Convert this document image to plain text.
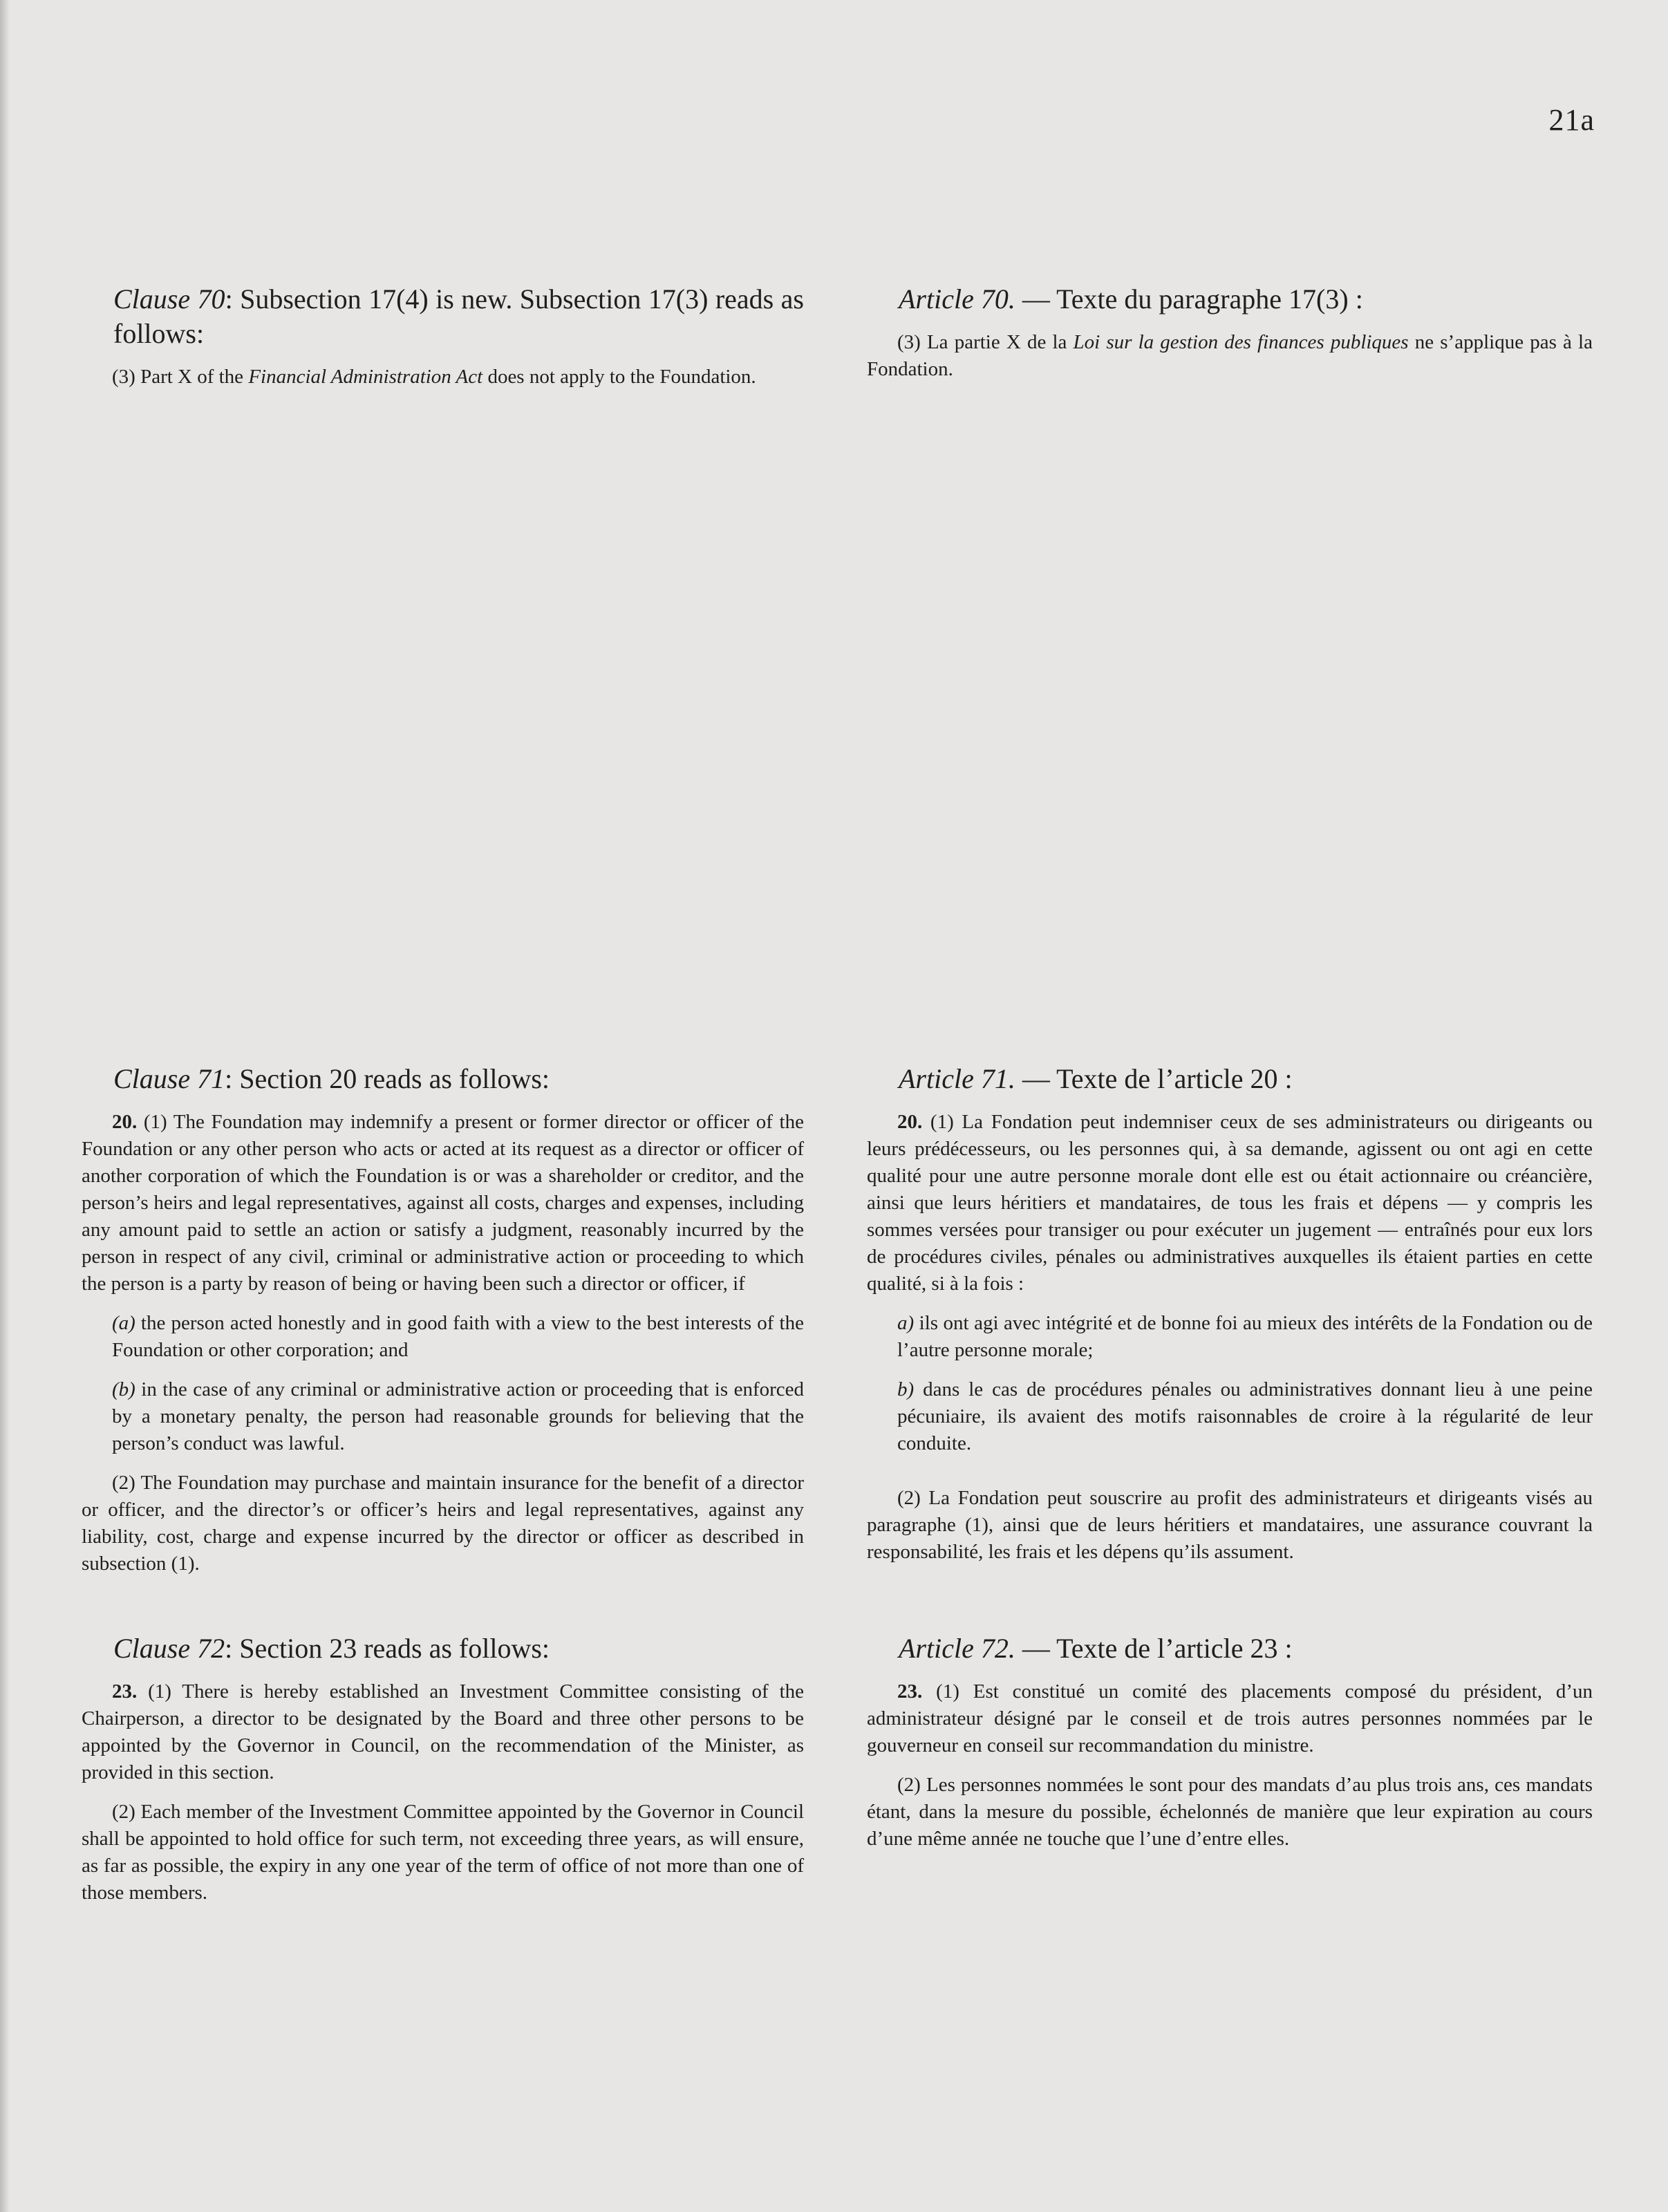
21a

Clause 70: Subsection 17(4) is new. Subsection 17(3) reads as follows:

(3) Part X of the Financial Administration Act does not apply to the Foundation.

Clause 71: Section 20 reads as follows:

20. (1) The Foundation may indemnify a present or former director or officer of the Foundation or any other person who acts or acted at its request as a director or officer of another corporation of which the Foundation is or was a shareholder or creditor, and the person’s heirs and legal representatives, against all costs, charges and expenses, including any amount paid to settle an action or satisfy a judgment, reasonably incurred by the person in respect of any civil, criminal or administrative action or proceeding to which the person is a party by reason of being or having been such a director or officer, if

(a) the person acted honestly and in good faith with a view to the best interests of the Foundation or other corporation; and

(b) in the case of any criminal or administrative action or proceeding that is enforced by a monetary penalty, the person had reasonable grounds for believing that the person’s conduct was lawful.

(2) The Foundation may purchase and maintain insurance for the benefit of a director or officer, and the director’s or officer’s heirs and legal representatives, against any liability, cost, charge and expense incurred by the director or officer as described in subsection (1).

Clause 72: Section 23 reads as follows:

23. (1) There is hereby established an Investment Committee consisting of the Chairperson, a director to be designated by the Board and three other persons to be appointed by the Governor in Council, on the recommendation of the Minister, as provided in this section.

(2) Each member of the Investment Committee appointed by the Governor in Council shall be appointed to hold office for such term, not exceeding three years, as will ensure, as far as possible, the expiry in any one year of the term of office of not more than one of those members.

Article 70. — Texte du paragraphe 17(3) :

(3) La partie X de la Loi sur la gestion des finances publiques ne s’applique pas à la Fondation.

Article 71. — Texte de l’article 20 :

20. (1) La Fondation peut indemniser ceux de ses administrateurs ou dirigeants ou leurs prédécesseurs, ou les personnes qui, à sa demande, agissent ou ont agi en cette qualité pour une autre personne morale dont elle est ou était actionnaire ou créancière, ainsi que leurs héritiers et mandataires, de tous les frais et dépens — y compris les sommes versées pour transiger ou pour exécuter un jugement — entraînés pour eux lors de procédures civiles, pénales ou administratives auxquelles ils étaient parties en cette qualité, si à la fois :

a) ils ont agi avec intégrité et de bonne foi au mieux des intérêts de la Fondation ou de l’autre personne morale;

b) dans le cas de procédures pénales ou administratives donnant lieu à une peine pécuniaire, ils avaient des motifs raisonnables de croire à la régularité de leur conduite.

(2) La Fondation peut souscrire au profit des administrateurs et dirigeants visés au paragraphe (1), ainsi que de leurs héritiers et mandataires, une assurance couvrant la responsabilité, les frais et les dépens qu’ils assument.

Article 72. — Texte de l’article 23 :

23. (1) Est constitué un comité des placements composé du président, d’un administrateur désigné par le conseil et de trois autres personnes nommées par le gouverneur en conseil sur recommandation du ministre.

(2) Les personnes nommées le sont pour des mandats d’au plus trois ans, ces mandats étant, dans la mesure du possible, échelonnés de manière que leur expiration au cours d’une même année ne touche que l’une d’entre elles.
